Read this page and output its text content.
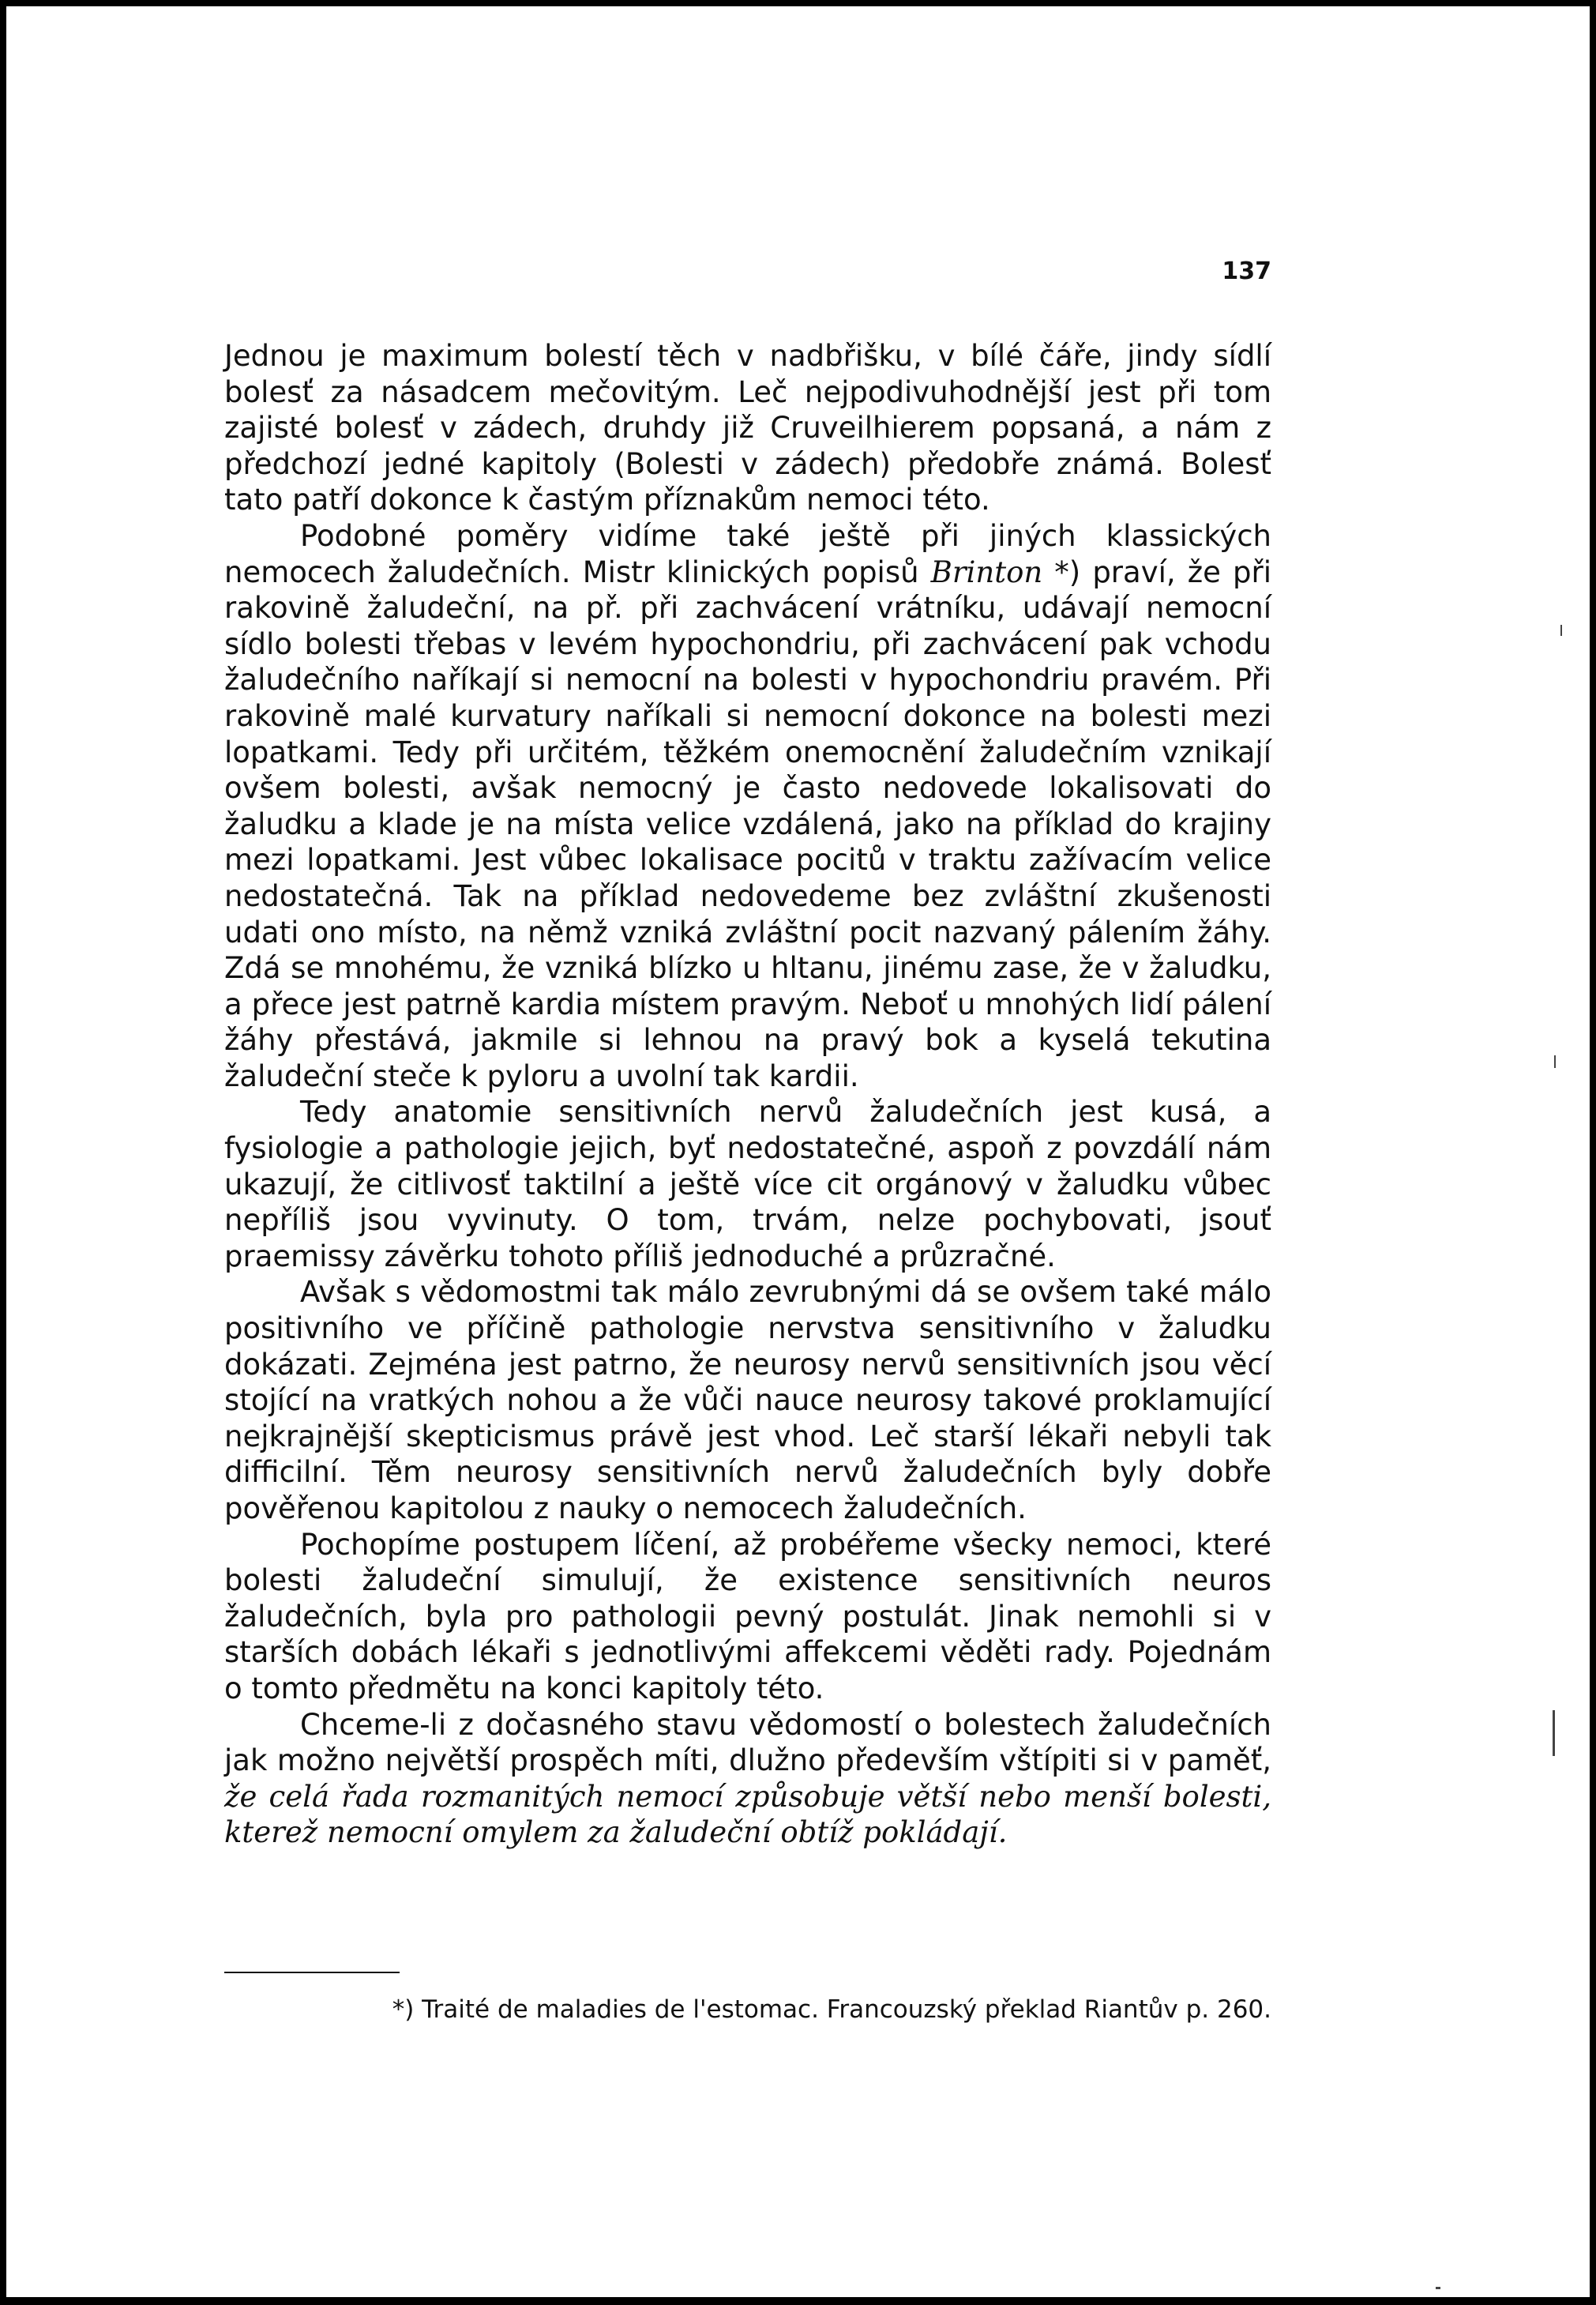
137

Jednou je maximum bolestí těch v nadbřišku, v bílé čáře, jindy sídlí bolesť za násadcem mečovitým. Leč nejpodivuhodnější jest při tom zajisté bolesť v zádech, druhdy již Cruveilhierem popsaná, a nám z předchozí jedné kapitoly (Bolesti v zádech) předobře známá. Bolesť tato patří dokonce k častým příznakům nemoci této.

Podobné poměry vidíme také ještě při jiných klassických nemocech žaludečních. Mistr klinických popisů Brinton *) praví, že při rakovině žaludeční, na př. při zachvácení vrátníku, udávají nemocní sídlo bolesti třebas v levém hypochondriu, při zachvácení pak vchodu žaludečního naříkají si nemocní na bolesti v hypochondriu pravém. Při rakovině malé kurvatury naříkali si nemocní dokonce na bolesti mezi lopatkami. Tedy při určitém, těžkém onemocnění žaludečním vznikají ovšem bolesti, avšak nemocný je často nedovede lokalisovati do žaludku a klade je na místa velice vzdálená, jako na příklad do krajiny mezi lopatkami. Jest vůbec lokalisace pocitů v traktu zažívacím velice nedostatečná. Tak na příklad nedovedeme bez zvláštní zkušenosti udati ono místo, na němž vzniká zvláštní pocit nazvaný pálením žáhy. Zdá se mnohému, že vzniká blízko u hltanu, jinému zase, že v žaludku, a přece jest patrně kardia místem pravým. Neboť u mnohých lidí pálení žáhy přestává, jakmile si lehnou na pravý bok a kyselá tekutina žaludeční steče k pyloru a uvolní tak kardii.

Tedy anatomie sensitivních nervů žaludečních jest kusá, a fysiologie a pathologie jejich, byť nedostatečné, aspoň z povzdálí nám ukazují, že citlivosť taktilní a ještě více cit orgánový v žaludku vůbec nepříliš jsou vyvinuty. O tom, trvám, nelze pochybovati, jsouť praemissy závěrku tohoto příliš jednoduché a průzračné.

Avšak s vědomostmi tak málo zevrubnými dá se ovšem také málo positivního ve příčině pathologie nervstva sensitivního v žaludku dokázati. Zejména jest patrno, že neurosy nervů sensitivních jsou věcí stojící na vratkých nohou a že vůči nauce neurosy takové proklamující nejkrajnější skepticismus právě jest vhod. Leč starší lékaři nebyli tak difficilní. Těm neurosy sensitivních nervů žaludečních byly dobře pověřenou kapitolou z nauky o nemocech žaludečních.

Pochopíme postupem líčení, až probéřeme všecky nemoci, které bolesti žaludeční simulují, že existence sensitivních neuros žaludečních, byla pro pathologii pevný postulát. Jinak nemohli si v starších dobách lékaři s jednotlivými affekcemi věděti rady. Pojednám o tomto předmětu na konci kapitoly této.

Chceme-li z dočasného stavu vědomostí o bolestech žaludečních jak možno největší prospěch míti, dlužno především vštípiti si v paměť, že celá řada rozmanitých nemocí způsobuje větší nebo menší bolesti, kterež nemocní omylem za žaludeční obtíž pokládají.

*) Traité de maladies de l'estomac. Francouzský překlad Riantův p. 260.
